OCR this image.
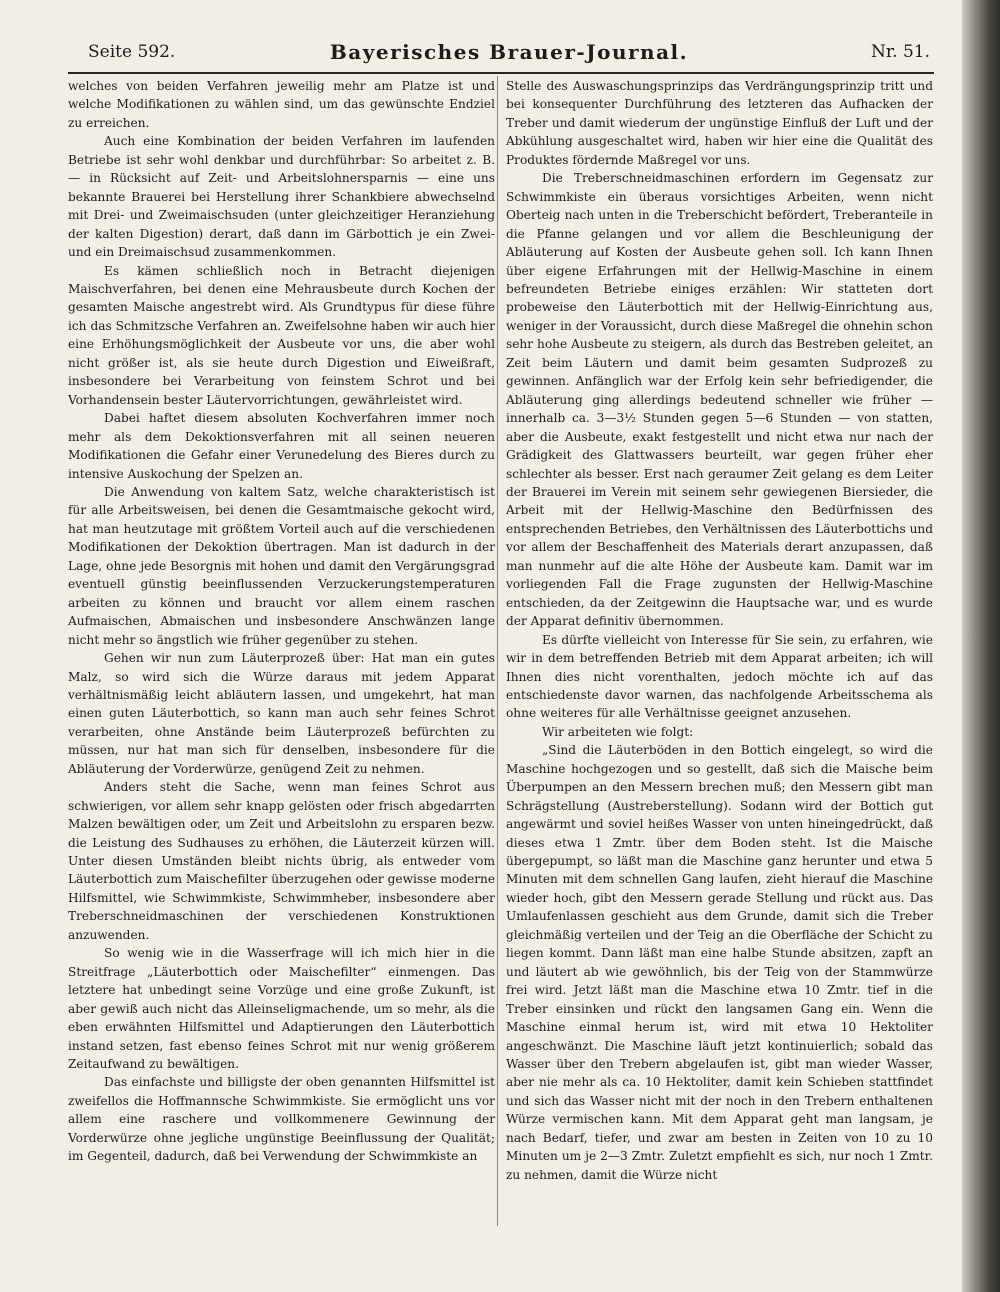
Seite 592.	Bayerisches Brauer-Journal.	Nr. 51.

welches von beiden Verfahren jeweilig mehr am Platze ist und welche Modifikationen zu wählen sind, um das gewünschte Endziel zu erreichen.

Auch eine Kombination der beiden Verfahren im laufenden Betriebe ist sehr wohl denkbar und durchführbar: So arbeitet z. B. — in Rücksicht auf Zeit- und Arbeitslohnersparnis — eine uns bekannte Brauerei bei Herstellung ihrer Schankbiere abwechselnd mit Drei- und Zweimaischsuden (unter gleichzeitiger Heranziehung der kalten Digestion) derart, daß dann im Gärbottich je ein Zwei- und ein Dreimaischsud zusammenkommen.

Es kämen schließlich noch in Betracht diejenigen Maischverfahren, bei denen eine Mehrausbeute durch Kochen der gesamten Maische angestrebt wird. Als Grundtypus für diese führe ich das Schmitzsche Verfahren an. Zweifelsohne haben wir auch hier eine Erhöhungsmöglichkeit der Ausbeute vor uns, die aber wohl nicht größer ist, als sie heute durch Digestion und Eiweißraft, insbesondere bei Verarbeitung von feinstem Schrot und bei Vorhandensein bester Läutervorrichtungen, gewährleistet wird.

Dabei haftet diesem absoluten Kochverfahren immer noch mehr als dem Dekoktionsverfahren mit all seinen neueren Modifikationen die Gefahr einer Verunedelung des Bieres durch zu intensive Auskochung der Spelzen an.

Die Anwendung von kaltem Satz, welche charakteristisch ist für alle Arbeitsweisen, bei denen die Gesamtmaische gekocht wird, hat man heutzutage mit größtem Vorteil auch auf die verschiedenen Modifikationen der Dekoktion übertragen. Man ist dadurch in der Lage, ohne jede Besorgnis mit hohen und damit den Vergärungsgrad eventuell günstig beeinflussenden Verzuckerungstemperaturen arbeiten zu können und braucht vor allem einem raschen Aufmaischen, Abmaischen und insbesondere Anschwänzen lange nicht mehr so ängstlich wie früher gegenüber zu stehen.

Gehen wir nun zum Läuterprozeß über: Hat man ein gutes Malz, so wird sich die Würze daraus mit jedem Apparat verhältnismäßig leicht abläutern lassen, und umgekehrt, hat man einen guten Läuterbottich, so kann man auch sehr feines Schrot verarbeiten, ohne Anstände beim Läuterprozeß befürchten zu müssen, nur hat man sich für denselben, insbesondere für die Abläuterung der Vorderwürze, genügend Zeit zu nehmen.

Anders steht die Sache, wenn man feines Schrot aus schwierigen, vor allem sehr knapp gelösten oder frisch abgedarrten Malzen bewältigen oder, um Zeit und Arbeitslohn zu ersparen bezw. die Leistung des Sudhauses zu erhöhen, die Läuterzeit kürzen will. Unter diesen Umständen bleibt nichts übrig, als entweder vom Läuterbottich zum Maischefilter überzugehen oder gewisse moderne Hilfsmittel, wie Schwimmkiste, Schwimmheber, insbesondere aber Treberschneidmaschinen der verschiedenen Konstruktionen anzuwenden.

So wenig wie in die Wasserfrage will ich mich hier in die Streitfrage „Läuterbottich oder Maischefilter“ einmengen. Das letztere hat unbedingt seine Vorzüge und eine große Zukunft, ist aber gewiß auch nicht das Alleinseligmachende, um so mehr, als die eben erwähnten Hilfsmittel und Adaptierungen den Läuterbottich instand setzen, fast ebenso feines Schrot mit nur wenig größerem Zeitaufwand zu bewältigen.

Das einfachste und billigste der oben genannten Hilfsmittel ist zweifellos die Hoffmannsche Schwimmkiste. Sie ermöglicht uns vor allem eine raschere und vollkommenere Gewinnung der Vorderwürze ohne jegliche ungünstige Beeinflussung der Qualität; im Gegenteil, dadurch, daß bei Verwendung der Schwimmkiste an

Stelle des Auswaschungsprinzips das Verdrängungsprinzip tritt und bei konsequenter Durchführung des letzteren das Aufhacken der Treber und damit wiederum der ungünstige Einfluß der Luft und der Abkühlung ausgeschaltet wird, haben wir hier eine die Qualität des Produktes fördernde Maßregel vor uns.

Die Treberschneidmaschinen erfordern im Gegensatz zur Schwimmkiste ein überaus vorsichtiges Arbeiten, wenn nicht Oberteig nach unten in die Treberschicht befördert, Treberanteile in die Pfanne gelangen und vor allem die Beschleunigung der Abläuterung auf Kosten der Ausbeute gehen soll. Ich kann Ihnen über eigene Erfahrungen mit der Hellwig-Maschine in einem befreundeten Betriebe einiges erzählen: Wir statteten dort probeweise den Läuterbottich mit der Hellwig-Einrichtung aus, weniger in der Voraussicht, durch diese Maßregel die ohnehin schon sehr hohe Ausbeute zu steigern, als durch das Bestreben geleitet, an Zeit beim Läutern und damit beim gesamten Sudprozeß zu gewinnen. Anfänglich war der Erfolg kein sehr befriedigender, die Abläuterung ging allerdings bedeutend schneller wie früher — innerhalb ca. 3—3½ Stunden gegen 5—6 Stunden — von statten, aber die Ausbeute, exakt festgestellt und nicht etwa nur nach der Grädigkeit des Glattwassers beurteilt, war gegen früher eher schlechter als besser. Erst nach geraumer Zeit gelang es dem Leiter der Brauerei im Verein mit seinem sehr gewiegenen Biersieder, die Arbeit mit der Hellwig-Maschine den Bedürfnissen des entsprechenden Betriebes, den Verhältnissen des Läuterbottichs und vor allem der Beschaffenheit des Materials derart anzupassen, daß man nunmehr auf die alte Höhe der Ausbeute kam. Damit war im vorliegenden Fall die Frage zugunsten der Hellwig-Maschine entschieden, da der Zeitgewinn die Hauptsache war, und es wurde der Apparat definitiv übernommen.

Es dürfte vielleicht von Interesse für Sie sein, zu erfahren, wie wir in dem betreffenden Betrieb mit dem Apparat arbeiten; ich will Ihnen dies nicht vorenthalten, jedoch möchte ich auf das entschiedenste davor warnen, das nachfolgende Arbeitsschema als ohne weiteres für alle Verhältnisse geeignet anzusehen.

Wir arbeiteten wie folgt:

„Sind die Läuterböden in den Bottich eingelegt, so wird die Maschine hochgezogen und so gestellt, daß sich die Maische beim Überpumpen an den Messern brechen muß; den Messern gibt man Schrägstellung (Austreberstellung). Sodann wird der Bottich gut angewärmt und soviel heißes Wasser von unten hineingedrückt, daß dieses etwa 1 Zmtr. über dem Boden steht. Ist die Maische übergepumpt, so läßt man die Maschine ganz herunter und etwa 5 Minuten mit dem schnellen Gang laufen, zieht hierauf die Maschine wieder hoch, gibt den Messern gerade Stellung und rückt aus. Das Umlaufenlassen geschieht aus dem Grunde, damit sich die Treber gleichmäßig verteilen und der Teig an die Oberfläche der Schicht zu liegen kommt. Dann läßt man eine halbe Stunde absitzen, zapft an und läutert ab wie gewöhnlich, bis der Teig von der Stammwürze frei wird. Jetzt läßt man die Maschine etwa 10 Zmtr. tief in die Treber einsinken und rückt den langsamen Gang ein. Wenn die Maschine einmal herum ist, wird mit etwa 10 Hektoliter angeschwänzt. Die Maschine läuft jetzt kontinuierlich; sobald das Wasser über den Trebern abgelaufen ist, gibt man wieder Wasser, aber nie mehr als ca. 10 Hektoliter, damit kein Schieben stattfindet und sich das Wasser nicht mit der noch in den Trebern enthaltenen Würze vermischen kann. Mit dem Apparat geht man langsam, je nach Bedarf, tiefer, und zwar am besten in Zeiten von 10 zu 10 Minuten um je 2—3 Zmtr. Zuletzt empfiehlt es sich, nur noch 1 Zmtr. zu nehmen, damit die Würze nicht
